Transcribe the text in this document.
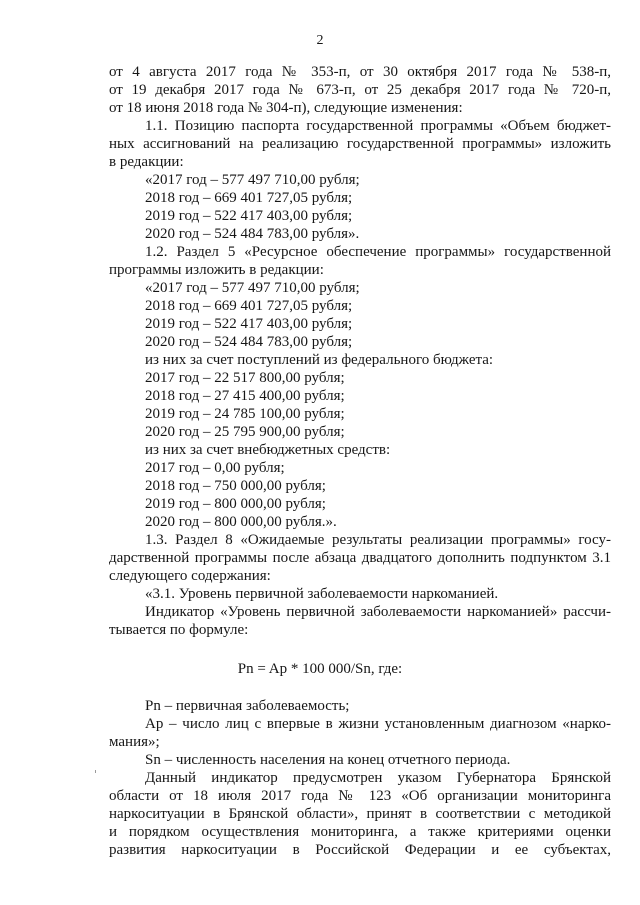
2
от 4 августа 2017 года № 353-п, от 30 октября 2017 года № 538-п,
от 19 декабря 2017 года № 673-п, от 25 декабря 2017 года № 720-п,
от 18 июня 2018 года № 304-п), следующие изменения:
1.1. Позицию паспорта государственной программы «Объем бюджет-
ных ассигнований на реализацию государственной программы» изложить
в редакции:
«2017 год – 577 497 710,00 рубля;
2018 год – 669 401 727,05 рубля;
2019 год – 522 417 403,00 рубля;
2020 год – 524 484 783,00 рубля».
1.2. Раздел 5 «Ресурсное обеспечение программы» государственной
программы изложить в редакции:
«2017 год – 577 497 710,00 рубля;
2018 год – 669 401 727,05 рубля;
2019 год – 522 417 403,00 рубля;
2020 год – 524 484 783,00 рубля;
из них за счет поступлений из федерального бюджета:
2017 год – 22 517 800,00 рубля;
2018 год – 27 415 400,00 рубля;
2019 год – 24 785 100,00 рубля;
2020 год – 25 795 900,00 рубля;
из них за счет внебюджетных средств:
2017 год – 0,00 рубля;
2018 год – 750 000,00 рубля;
2019 год – 800 000,00 рубля;
2020 год – 800 000,00 рубля.».
1.3. Раздел 8 «Ожидаемые результаты реализации программы» госу-
дарственной программы после абзаца двадцатого дополнить подпунктом 3.1
следующего содержания:
«3.1. Уровень первичной заболеваемости наркоманией.
Индикатор «Уровень первичной заболеваемости наркоманией» рассчи-
тывается по формуле:
Pn = Ap * 100 000/Sn, где:
Pn – первичная заболеваемость;
Ap – число лиц с впервые в жизни установленным диагнозом «нарко-
мания»;
Sn – численность населения на конец отчетного периода.
Данный индикатор предусмотрен указом Губернатора Брянской
области от 18 июля 2017 года № 123 «Об организации мониторинга
наркоситуации в Брянской области», принят в соответствии с методикой
и порядком осуществления мониторинга, а также критериями оценки
развития наркоситуации в Российской Федерации и ее субъектах,
